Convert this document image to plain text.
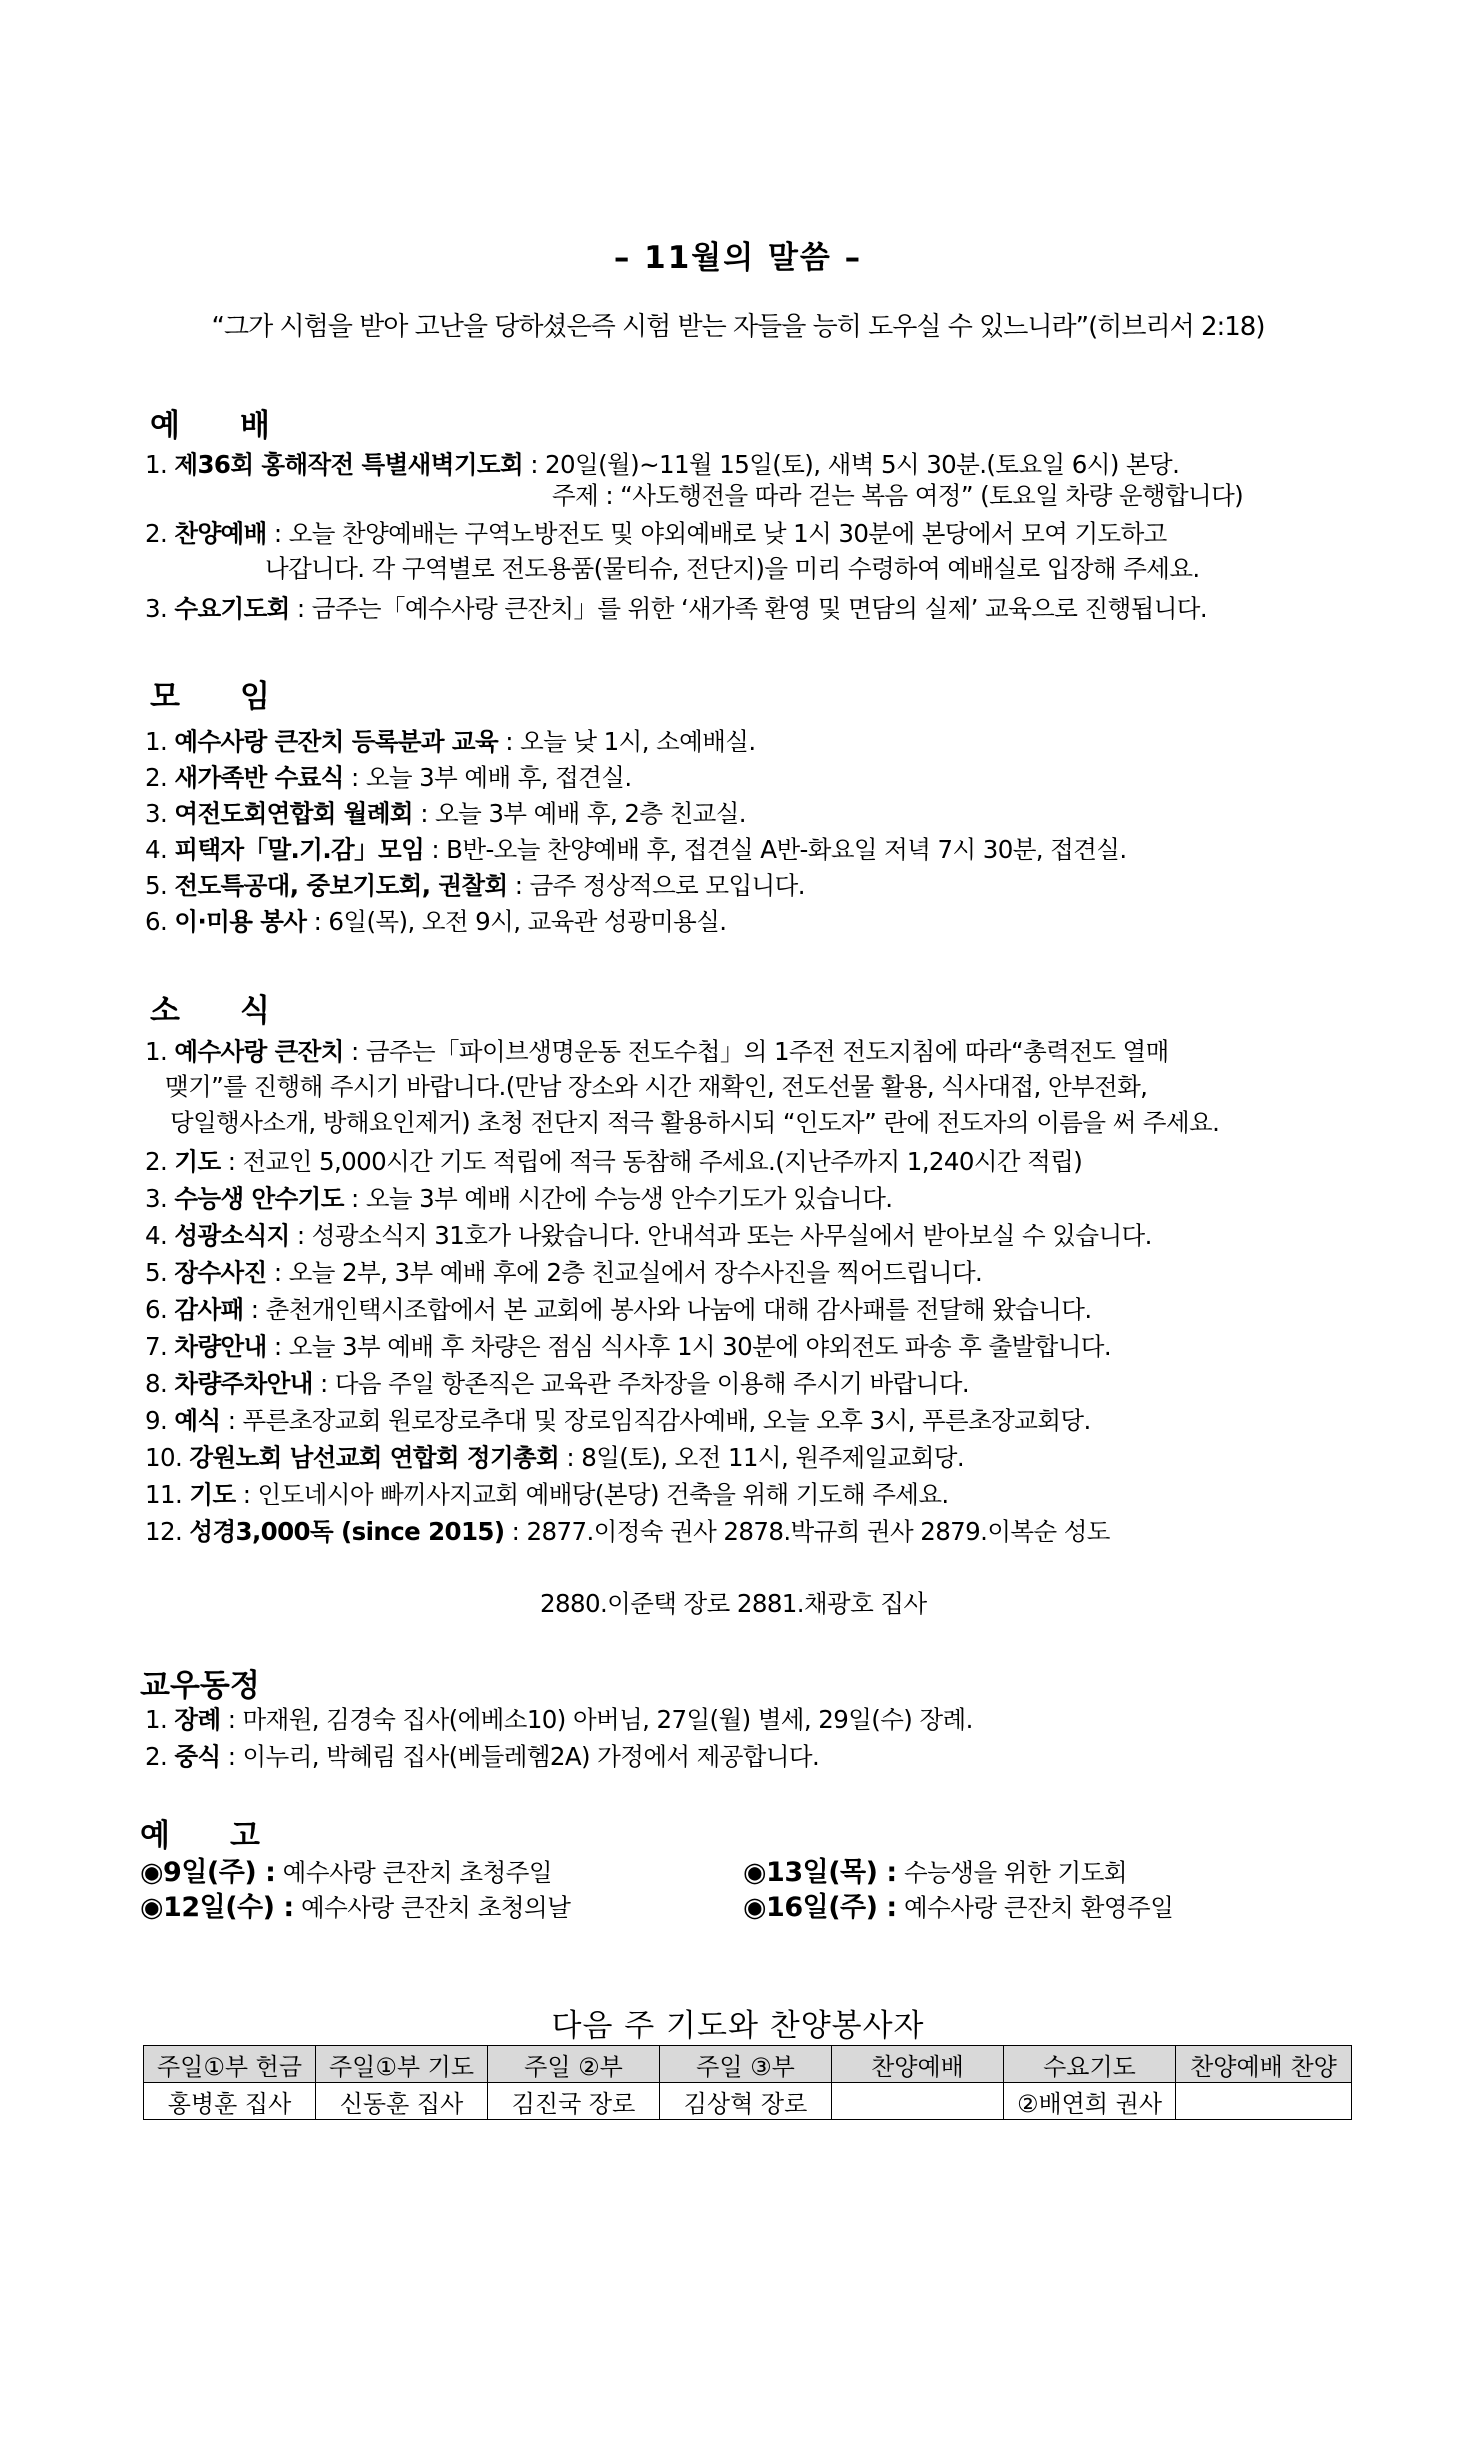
– 11월의 말씀 –
“그가 시험을 받아 고난을 당하셨은즉 시험 받는 자들을 능히 도우실 수 있느니라”(히브리서 2:18)
예배
1. 제36회 홍해작전 특별새벽기도회 : 20일(월)~11월 15일(토), 새벽 5시 30분.(토요일 6시) 본당.
주제 : “사도행전을 따라 걷는 복음 여정” (토요일 차량 운행합니다)
2. 찬양예배 : 오늘 찬양예배는 구역노방전도 및 야외예배로 낮 1시 30분에 본당에서 모여 기도하고
나갑니다. 각 구역별로 전도용품(물티슈, 전단지)을 미리 수령하여 예배실로 입장해 주세요.
3. 수요기도회 : 금주는「예수사랑 큰잔치」를 위한 ‘새가족 환영 및 면담의 실제’ 교육으로 진행됩니다.
모임
1. 예수사랑 큰잔치 등록분과 교육 : 오늘 낮 1시, 소예배실.
2. 새가족반 수료식 : 오늘 3부 예배 후, 접견실.
3. 여전도회연합회 월례회 : 오늘 3부 예배 후, 2층 친교실.
4. 피택자「말.기.감」모임 : B반-오늘 찬양예배 후, 접견실 A반-화요일 저녁 7시 30분, 접견실.
5. 전도특공대, 중보기도회, 권찰회 : 금주 정상적으로 모입니다.
6. 이·미용 봉사 : 6일(목), 오전 9시, 교육관 성광미용실.
소식
1. 예수사랑 큰잔치 : 금주는「파이브생명운동 전도수첩」의 1주전 전도지침에 따라“총력전도 열매
맺기”를 진행해 주시기 바랍니다.(만남 장소와 시간 재확인, 전도선물 활용, 식사대접, 안부전화,
당일행사소개, 방해요인제거) 초청 전단지 적극 활용하시되 “인도자” 란에 전도자의 이름을 써 주세요.
2. 기도 : 전교인 5,000시간 기도 적립에 적극 동참해 주세요.(지난주까지 1,240시간 적립)
3. 수능생 안수기도 : 오늘 3부 예배 시간에 수능생 안수기도가 있습니다.
4. 성광소식지 : 성광소식지 31호가 나왔습니다. 안내석과 또는 사무실에서 받아보실 수 있습니다.
5. 장수사진 : 오늘 2부, 3부 예배 후에 2층 친교실에서 장수사진을 찍어드립니다.
6. 감사패 : 춘천개인택시조합에서 본 교회에 봉사와 나눔에 대해 감사패를 전달해 왔습니다.
7. 차량안내 : 오늘 3부 예배 후 차량은 점심 식사후 1시 30분에 야외전도 파송 후 출발합니다.
8. 차량주차안내 : 다음 주일 항존직은 교육관 주차장을 이용해 주시기 바랍니다.
9. 예식 : 푸른초장교회 원로장로추대 및 장로임직감사예배, 오늘 오후 3시, 푸른초장교회당.
10. 강원노회 남선교회 연합회 정기총회 : 8일(토), 오전 11시, 원주제일교회당.
11. 기도 : 인도네시아 빠끼사지교회 예배당(본당) 건축을 위해 기도해 주세요.
12. 성경3,000독 (since 2015) : 2877.이정숙 권사 2878.박규희 권사 2879.이복순 성도
2880.이준택 장로 2881.채광호 집사
교우동정
1. 장례 : 마재원, 김경숙 집사(에베소10) 아버님, 27일(월) 별세, 29일(수) 장례.
2. 중식 : 이누리, 박혜림 집사(베들레헴2A) 가정에서 제공합니다.
예고
◉9일(주) : 예수사랑 큰잔치 초청주일	◉13일(목) : 수능생을 위한 기도회
◉12일(수) : 예수사랑 큰잔치 초청의날	◉16일(주) : 예수사랑 큰잔치 환영주일
다음 주 기도와 찬양봉사자
주일①부 헌금	주일①부 기도	주일 ②부	주일 ③부	찬양예배	수요기도	찬양예배 찬양
홍병훈 집사	신동훈 집사	김진국 장로	김상혁 장로		②배연희 권사	
